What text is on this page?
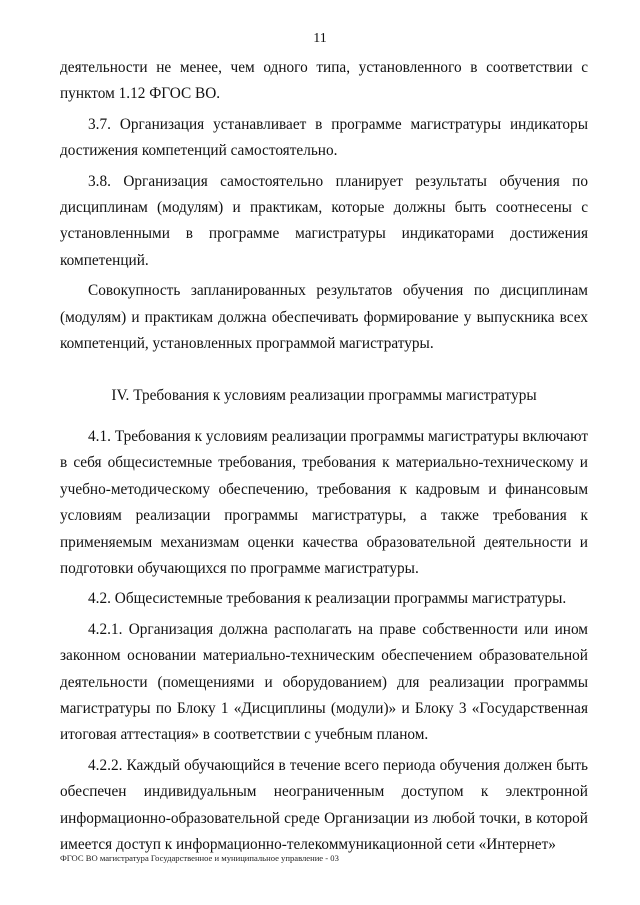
11

деятельности не менее, чем одного типа, установленного в соответствии с пунктом 1.12 ФГОС ВО.

3.7. Организация устанавливает в программе магистратуры индикаторы достижения компетенций самостоятельно.

3.8. Организация самостоятельно планирует результаты обучения по дисциплинам (модулям) и практикам, которые должны быть соотнесены с установленными в программе магистратуры индикаторами достижения компетенций.

Совокупность запланированных результатов обучения по дисциплинам (модулям) и практикам должна обеспечивать формирование у выпускника всех компетенций, установленных программой магистратуры.

IV. Требования к условиям реализации программы магистратуры

4.1. Требования к условиям реализации программы магистратуры включают в себя общесистемные требования, требования к материально-техническому и учебно-методическому обеспечению, требования к кадровым и финансовым условиям реализации программы магистратуры, а также требования к применяемым механизмам оценки качества образовательной деятельности и подготовки обучающихся по программе магистратуры.

4.2. Общесистемные требования к реализации программы магистратуры.

4.2.1. Организация должна располагать на праве собственности или ином законном основании материально-техническим обеспечением образовательной деятельности (помещениями и оборудованием) для реализации программы магистратуры по Блоку 1 «Дисциплины (модули)» и Блоку 3 «Государственная итоговая аттестация» в соответствии с учебным планом.

4.2.2. Каждый обучающийся в течение всего периода обучения должен быть обеспечен индивидуальным неограниченным доступом к электронной информационно-образовательной среде Организации из любой точки, в которой имеется доступ к информационно-телекоммуникационной сети «Интернет»

ФГОС ВО магистратура Государственное и муниципальное управление - 03
